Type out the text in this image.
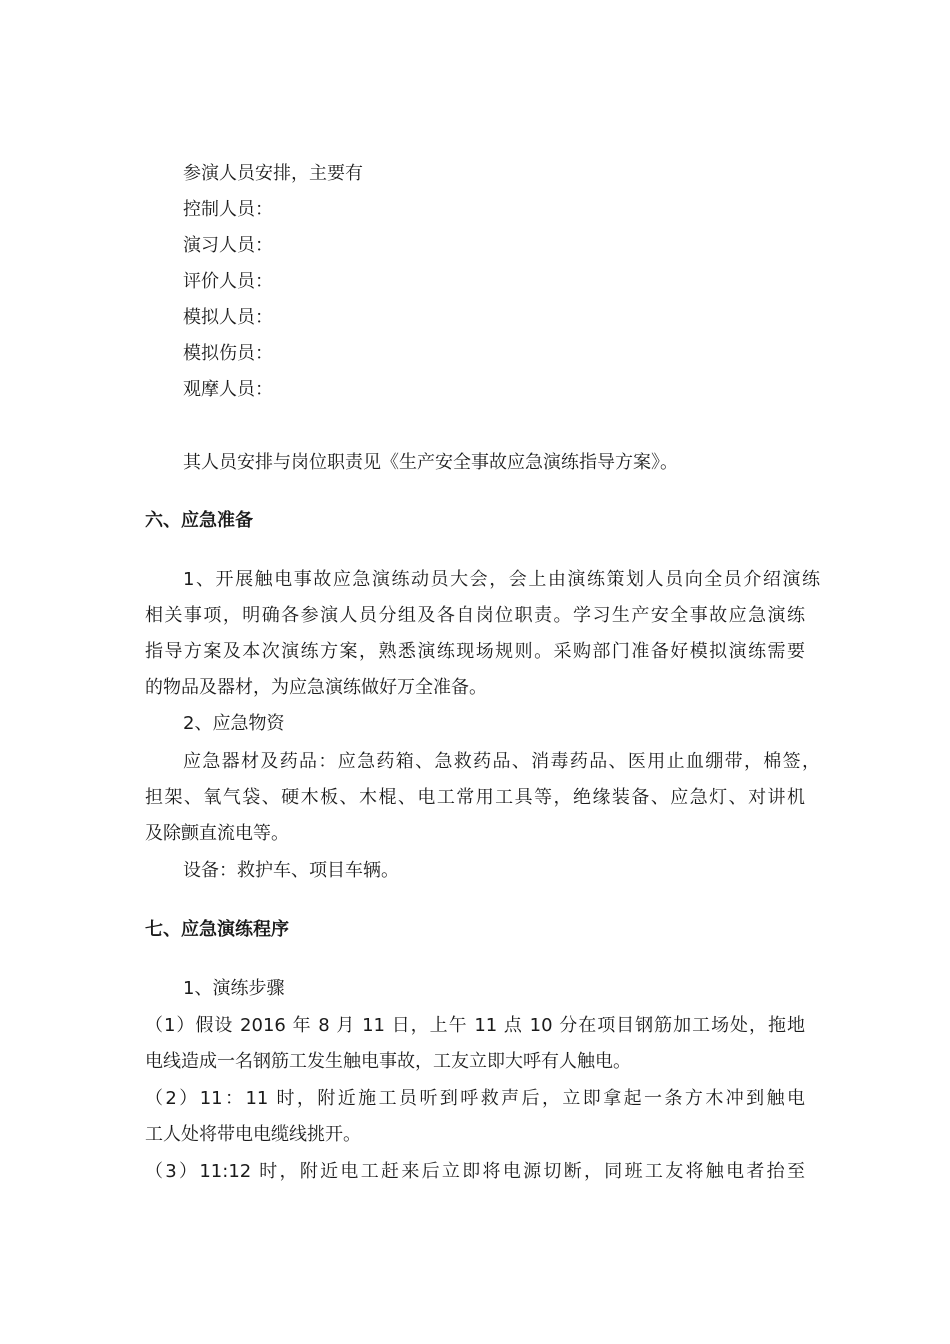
参演人员安排，主要有
控制人员：
演习人员：
评价人员：
模拟人员：
模拟伤员：
观摩人员：
其人员安排与岗位职责见《生产安全事故应急演练指导方案》。
六、应急准备
1、开展触电事故应急演练动员大会，会上由演练策划人员向全员介绍演练
相关事项，明确各参演人员分组及各自岗位职责。学习生产安全事故应急演练
指导方案及本次演练方案，熟悉演练现场规则。采购部门准备好模拟演练需要
的物品及器材，为应急演练做好万全准备。
2、应急物资
应急器材及药品：应急药箱、急救药品、消毒药品、医用止血绷带，棉签，
担架、氧气袋、硬木板、木棍、电工常用工具等，绝缘装备、应急灯、对讲机
及除颤直流电等。
设备：救护车、项目车辆。
七、应急演练程序
1、演练步骤
（1）假设 2016 年 8 月 11 日，上午 11 点 10 分在项目钢筋加工场处，拖地
电线造成一名钢筋工发生触电事故，工友立即大呼有人触电。
（2）11：11 时，附近施工员听到呼救声后，立即拿起一条方木冲到触电
工人处将带电电缆线挑开。
（3）11:12 时，附近电工赶来后立即将电源切断，同班工友将触电者抬至
